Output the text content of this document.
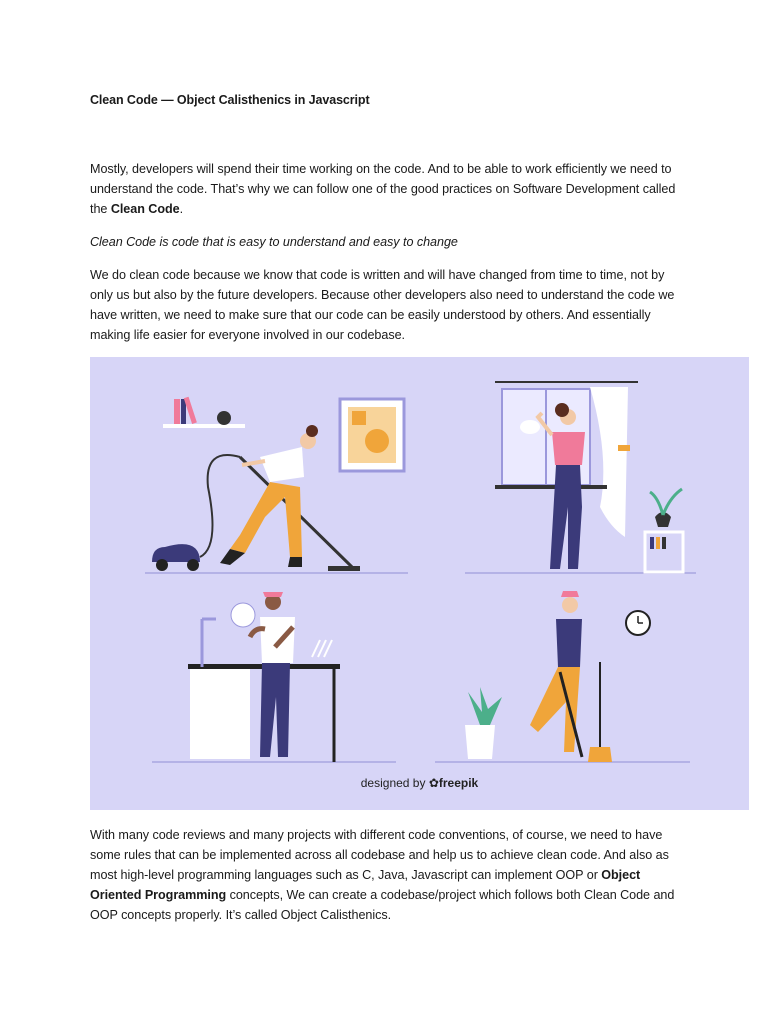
Clean Code — Object Calisthenics in Javascript
Mostly, developers will spend their time working on the code. And to be able to work efficiently we need to understand the code. That’s why we can follow one of the good practices on Software Development called the Clean Code.
Clean Code is code that is easy to understand and easy to change
We do clean code because we know that code is written and will have changed from time to time, not by only us but also by the future developers. Because other developers also need to understand the code we have written, we need to make sure that our code can be easily understood by others. And essentially making life easier for everyone involved in our codebase.
designed by ✿freepik
With many code reviews and many projects with different code conventions, of course, we need to have some rules that can be implemented across all codebase and help us to achieve clean code. And also as most high-level programming languages such as C, Java, Javascript can implement OOP or Object Oriented Programming concepts, We can create a codebase/project which follows both Clean Code and OOP concepts properly. It’s called Object Calisthenics.
